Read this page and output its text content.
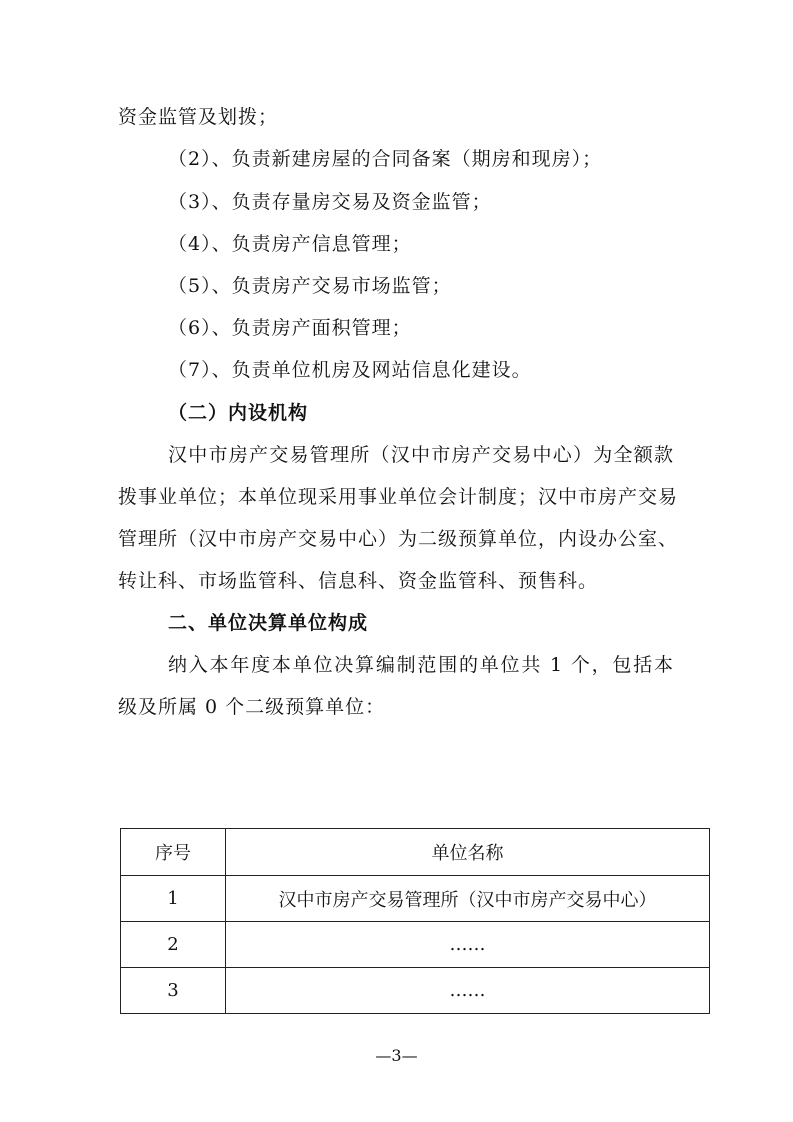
资金监管及划拨；
（2）、负责新建房屋的合同备案（期房和现房）；
（3）、负责存量房交易及资金监管；
（4）、负责房产信息管理；
（5）、负责房产交易市场监管；
（6）、负责房产面积管理；
（7）、负责单位机房及网站信息化建设。
（二）内设机构
汉中市房产交易管理所（汉中市房产交易中心）为全额款
拨事业单位；本单位现采用事业单位会计制度；汉中市房产交易
管理所（汉中市房产交易中心）为二级预算单位，内设办公室、
转让科、市场监管科、信息科、资金监管科、预售科。
二、单位决算单位构成
纳入本年度本单位决算编制范围的单位共 1 个，包括本
级及所属 0 个二级预算单位：
序号	单位名称
1	汉中市房产交易管理所（汉中市房产交易中心）
2	……
3	……
—3—
